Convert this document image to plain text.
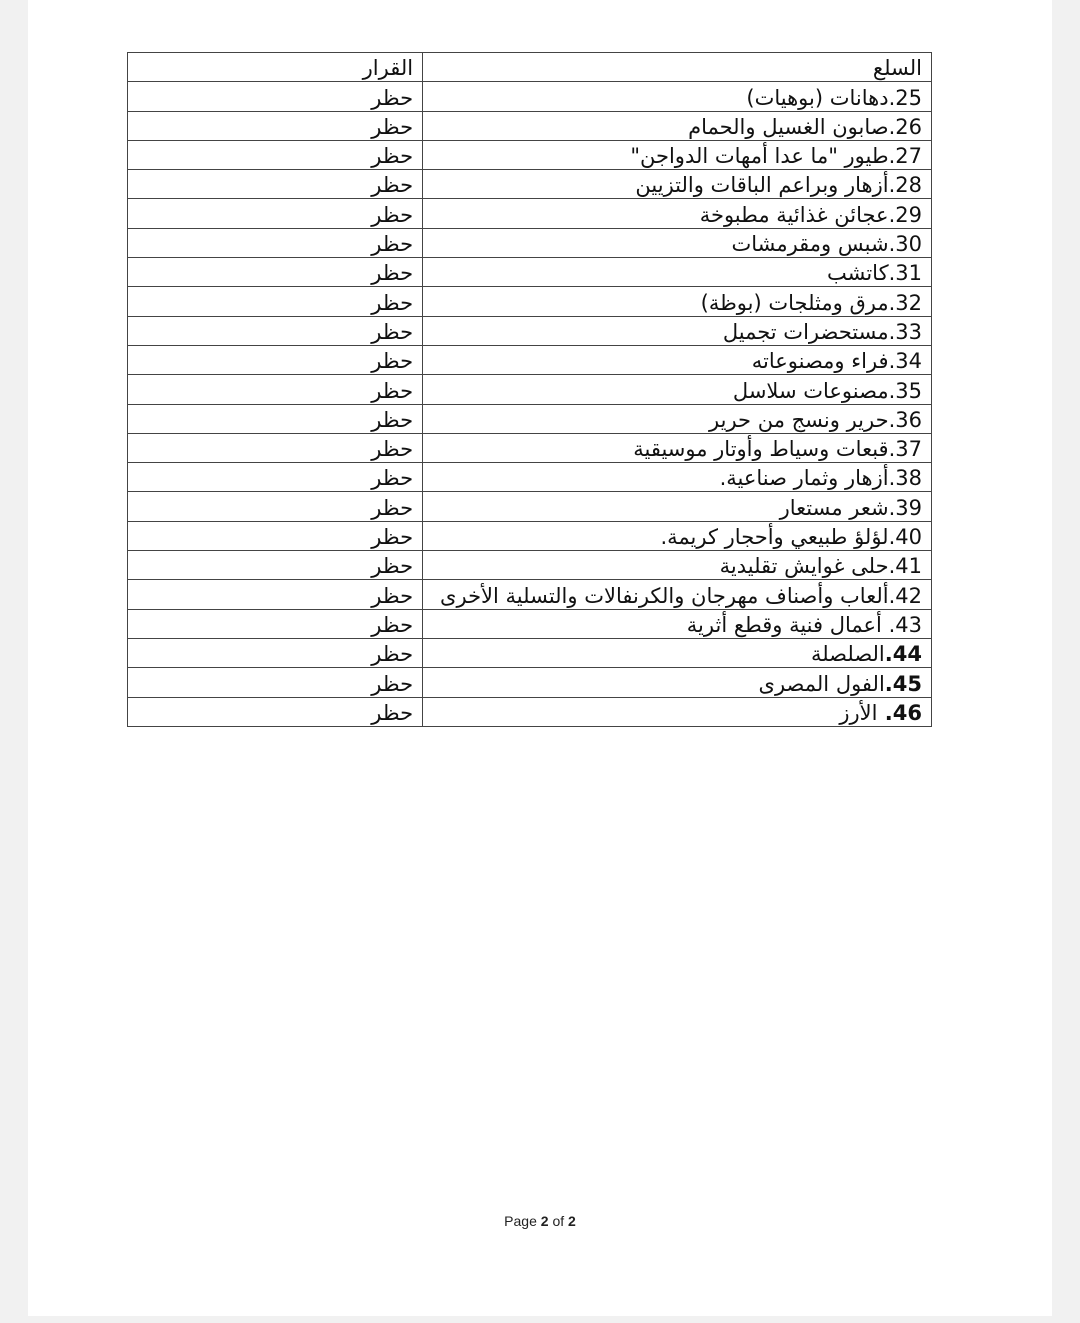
السلع	القرار
25.دهانات (بوهيات)	حظر
26.صابون الغسيل والحمام	حظر
27.طيور "ما عدا أمهات الدواجن"	حظر
28.أزهار وبراعم الباقات والتزيين	حظر
29.عجائن غذائية مطبوخة	حظر
30.شبس ومقرمشات	حظر
31.كاتشب	حظر
32.مرق ومثلجات (بوظة)	حظر
33.مستحضرات تجميل	حظر
34.فراء ومصنوعاته	حظر
35.مصنوعات سلاسل	حظر
36.حرير ونسج من حرير	حظر
37.قبعات وسياط وأوتار موسيقية	حظر
38.أزهار وثمار صناعية.	حظر
39.شعر مستعار	حظر
40.لؤلؤ طبيعي وأحجار كريمة.	حظر
41.حلى غوايش تقليدية	حظر
42.ألعاب وأصناف مهرجان والكرنفالات والتسلية الأخرى	حظر
43. أعمال فنية وقطع أثرية	حظر
44.الصلصلة	حظر
45.الفول المصرى	حظر
46. الأرز	حظر
Page 2 of 2
